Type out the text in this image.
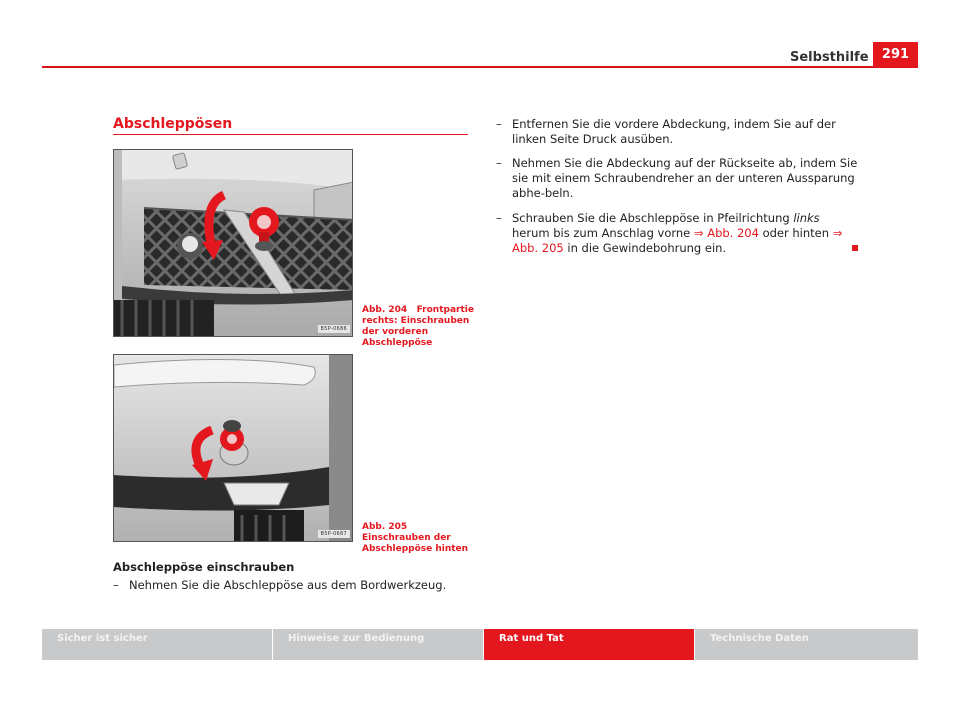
Selbsthilfe	291
Abschleppösen
B5P-0686
Abb. 204 Frontpartie rechts: Einschrauben der vorderen Abschleppöse
B5P-0687
Abb. 205   Einschrauben der Abschleppöse hinten
Abschleppöse einschrauben
– Nehmen Sie die Abschleppöse aus dem Bordwerkzeug.
– Entfernen Sie die vordere Abdeckung, indem Sie auf der linken Seite Druck ausüben.
– Nehmen Sie die Abdeckung auf der Rückseite ab, indem Sie sie mit einem Schraubendreher an der unteren Aussparung abhe-beln.
– Schrauben Sie die Abschleppöse in Pfeilrichtung links herum bis zum Anschlag vorne ⇒ Abb. 204 oder hinten ⇒ Abb. 205 in die Gewindebohrung ein.
Sicher ist sicher	Hinweise zur Bedienung	Rat und Tat	Technische Daten
